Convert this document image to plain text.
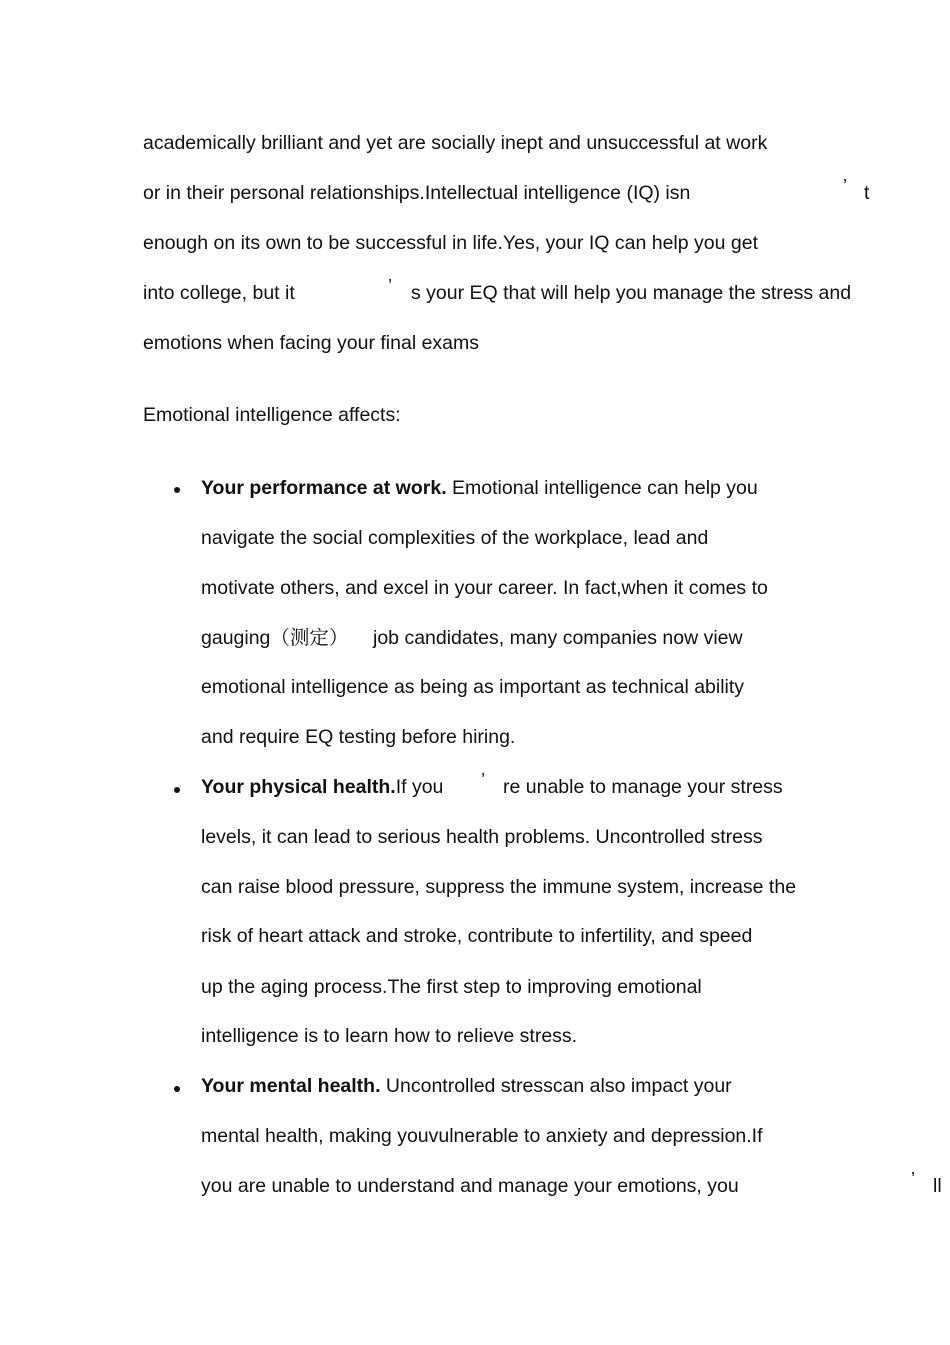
academically brilliant and yet are socially inept and unsuccessful at work
or in their personal relationships.Intellectual intelligence (IQ) isn	’ t
enough on its own to be successful in life.Yes, your IQ can help you get
into college, but it	’ s your EQ that will help you manage the stress and
emotions when facing your final exams
Emotional intelligence affects:
Your performance at work. Emotional intelligence can help you
navigate the social complexities of the workplace, lead and
motivate others, and excel in your career. In fact,when it comes to
gauging（测定） job candidates, many companies now view
emotional intelligence as being as important as technical ability
and require EQ testing before hiring.
Your physical health.If you ’ re unable to manage your stress
levels, it can lead to serious health problems. Uncontrolled stress
can raise blood pressure, suppress the immune system, increase the
risk of heart attack and stroke, contribute to infertility, and speed
up the aging process.The first step to improving emotional
intelligence is to learn how to relieve stress.
Your mental health. Uncontrolled stresscan also impact your
mental health, making youvulnerable to anxiety and depression.If
you are unable to understand and manage your emotions, you	’ ll
